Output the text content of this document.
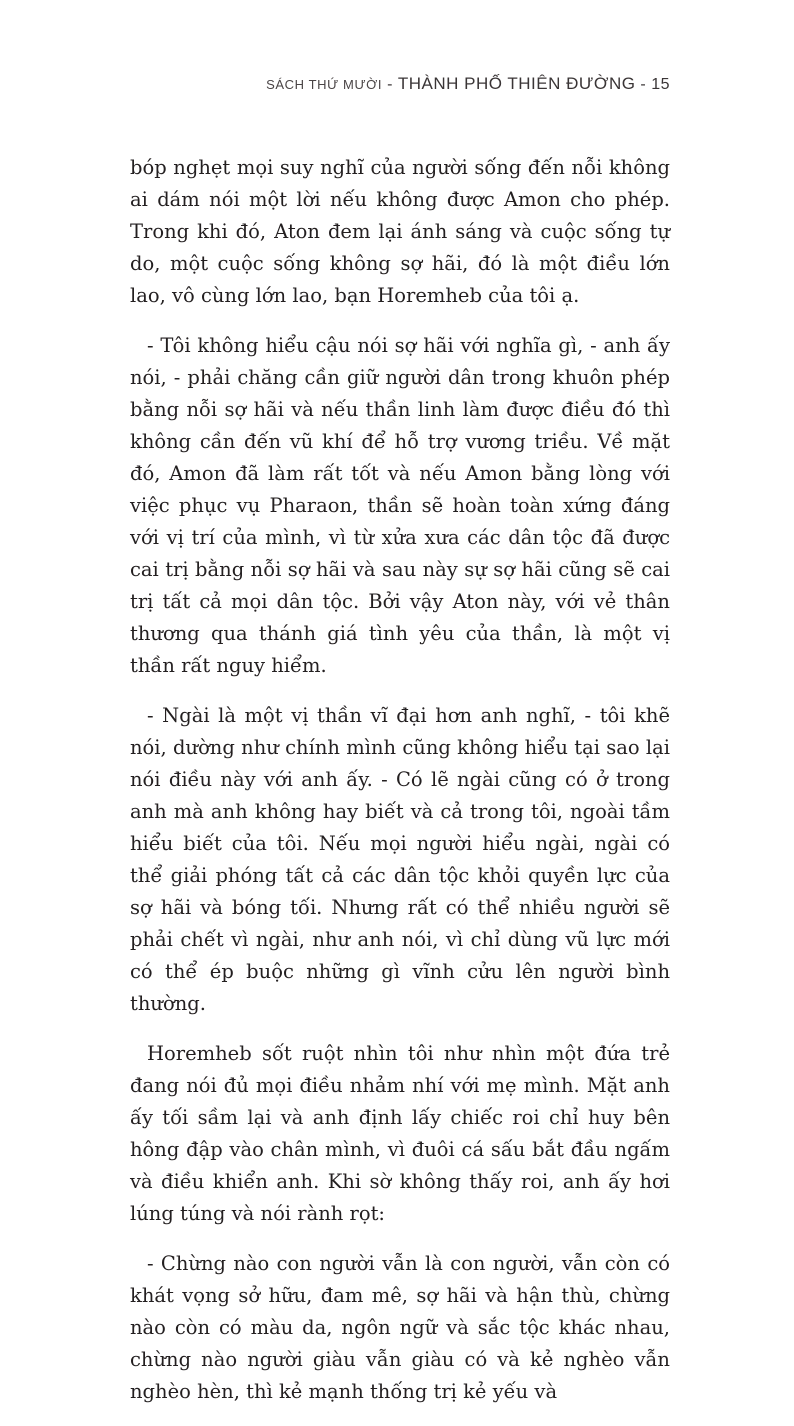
SÁCH THỨ MƯỜI - THÀNH PHỐ THIÊN ĐƯỜNG - 15

bóp nghẹt mọi suy nghĩ của người sống đến nỗi không ai dám nói một lời nếu không được Amon cho phép. Trong khi đó, Aton đem lại ánh sáng và cuộc sống tự do, một cuộc sống không sợ hãi, đó là một điều lớn lao, vô cùng lớn lao, bạn Horemheb của tôi ạ.

- Tôi không hiểu cậu nói sợ hãi với nghĩa gì, - anh ấy nói, - phải chăng cần giữ người dân trong khuôn phép bằng nỗi sợ hãi và nếu thần linh làm được điều đó thì không cần đến vũ khí để hỗ trợ vương triều. Về mặt đó, Amon đã làm rất tốt và nếu Amon bằng lòng với việc phục vụ Pharaon, thần sẽ hoàn toàn xứng đáng với vị trí của mình, vì từ xửa xưa các dân tộc đã được cai trị bằng nỗi sợ hãi và sau này sự sợ hãi cũng sẽ cai trị tất cả mọi dân tộc. Bởi vậy Aton này, với vẻ thân thương qua thánh giá tình yêu của thần, là một vị thần rất nguy hiểm.

- Ngài là một vị thần vĩ đại hơn anh nghĩ, - tôi khẽ nói, dường như chính mình cũng không hiểu tại sao lại nói điều này với anh ấy. - Có lẽ ngài cũng có ở trong anh mà anh không hay biết và cả trong tôi, ngoài tầm hiểu biết của tôi. Nếu mọi người hiểu ngài, ngài có thể giải phóng tất cả các dân tộc khỏi quyền lực của sợ hãi và bóng tối. Nhưng rất có thể nhiều người sẽ phải chết vì ngài, như anh nói, vì chỉ dùng vũ lực mới có thể ép buộc những gì vĩnh cửu lên người bình thường.

Horemheb sốt ruột nhìn tôi như nhìn một đứa trẻ đang nói đủ mọi điều nhảm nhí với mẹ mình. Mặt anh ấy tối sầm lại và anh định lấy chiếc roi chỉ huy bên hông đập vào chân mình, vì đuôi cá sấu bắt đầu ngấm và điều khiển anh. Khi sờ không thấy roi, anh ấy hơi lúng túng và nói rành rọt:

- Chừng nào con người vẫn là con người, vẫn còn có khát vọng sở hữu, đam mê, sợ hãi và hận thù, chừng nào còn có màu da, ngôn ngữ và sắc tộc khác nhau, chừng nào người giàu vẫn giàu có và kẻ nghèo vẫn nghèo hèn, thì kẻ mạnh thống trị kẻ yếu và
